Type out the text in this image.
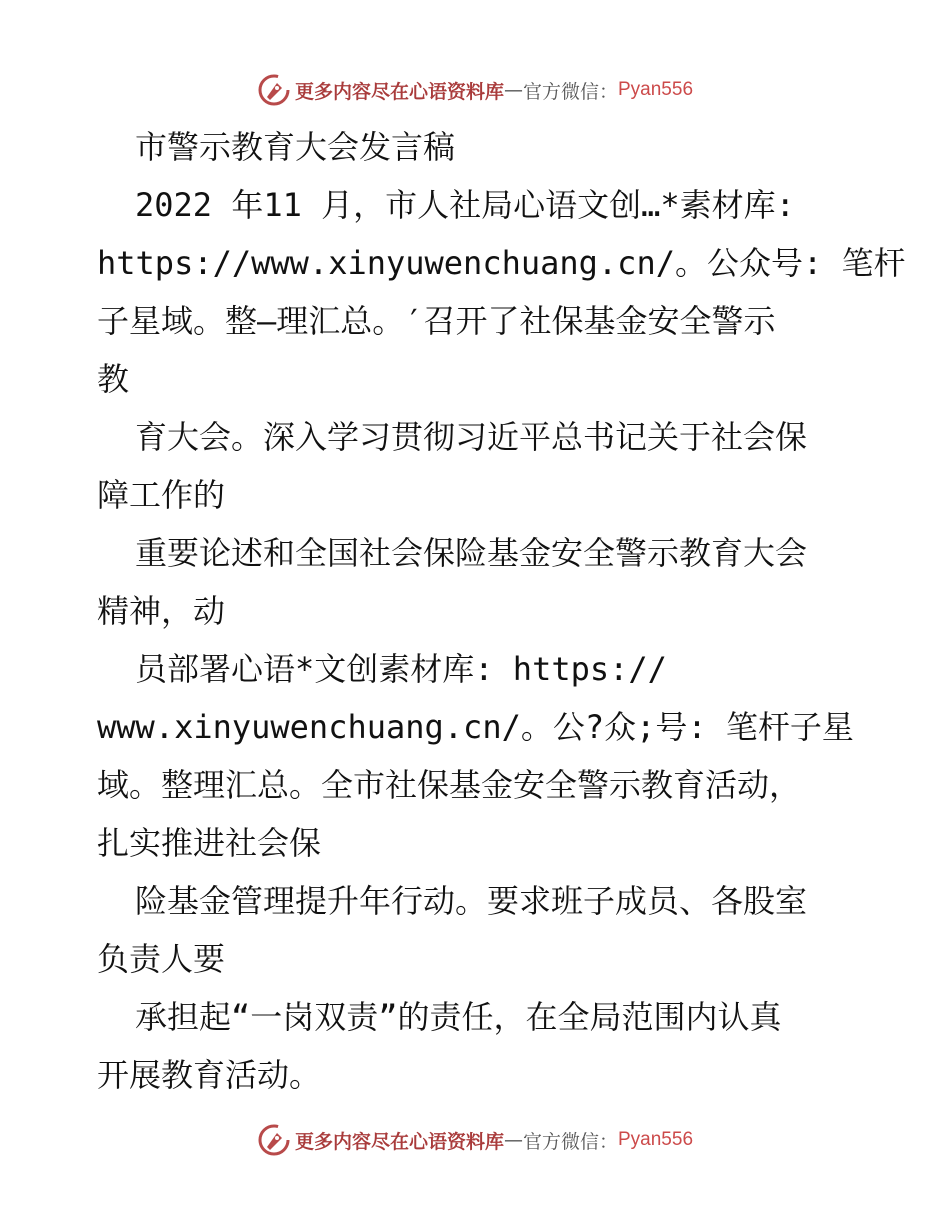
更多内容尽在心语资料库 — 官方微信： Pyan556
市警示教育大会发言稿
2022 年11 月，市人社局心语文创…*素材库:
https://www.xinyuwenchuang.cn/。公众号: 笔杆
子星域。整—理汇总。′召开了社保基金安全警示
教
育大会。深入学习贯彻习近平总书记关于社会保
障工作的
重要论述和全国社会保险基金安全警示教育大会
精神，动
员部署心语*文创素材库: https://
www.xinyuwenchuang.cn/。公?众;号: 笔杆子星
域。整理汇总。全市社保基金安全警示教育活动，
扎实推进社会保
险基金管理提升年行动。要求班子成员、各股室
负责人要
承担起“一岗双责”的责任，在全局范围内认真
开展教育活动。
更多内容尽在心语资料库 — 官方微信： Pyan556
